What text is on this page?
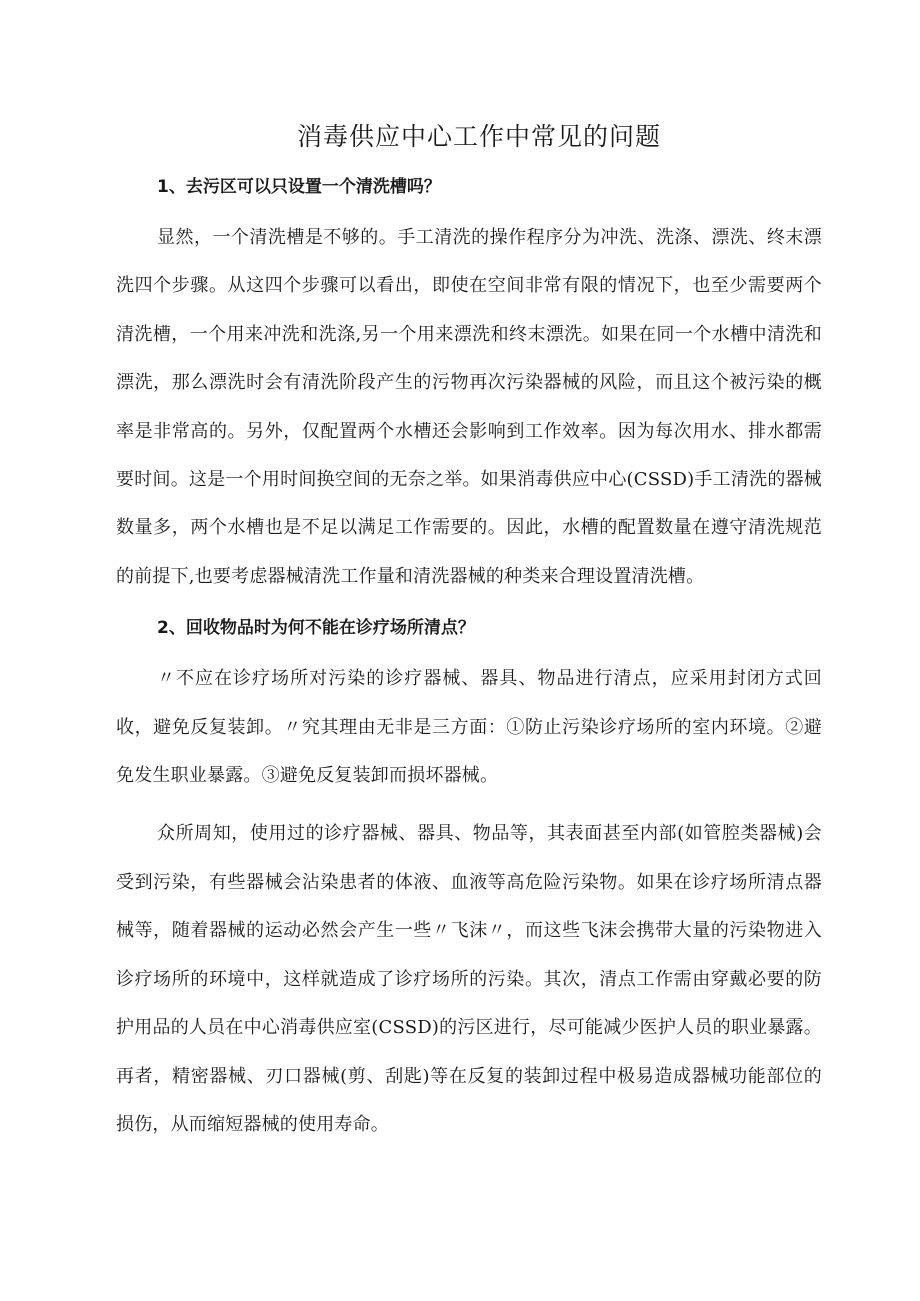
消毒供应中心工作中常见的问题
1、去污区可以只设置一个清洗槽吗？

显然，一个清洗槽是不够的。手工清洗的操作程序分为冲洗、洗涤、漂洗、终末漂洗四个步骤。从这四个步骤可以看出，即使在空间非常有限的情况下，也至少需要两个清洗槽，一个用来冲洗和洗涤,另一个用来漂洗和终末漂洗。如果在同一个水槽中清洗和漂洗，那么漂洗时会有清洗阶段产生的污物再次污染器械的风险，而且这个被污染的概率是非常高的。另外，仅配置两个水槽还会影响到工作效率。因为每次用水、排水都需要时间。这是一个用时间换空间的无奈之举。如果消毒供应中心(CSSD)手工清洗的器械数量多，两个水槽也是不足以满足工作需要的。因此，水槽的配置数量在遵守清洗规范的前提下,也要考虑器械清洗工作量和清洗器械的种类来合理设置清洗槽。

2、回收物品时为何不能在诊疗场所清点？

〃不应在诊疗场所对污染的诊疗器械、器具、物品进行清点，应采用封闭方式回收，避免反复装卸。〃究其理由无非是三方面：①防止污染诊疗场所的室内环境。②避免发生职业暴露。③避免反复装卸而损坏器械。

众所周知，使用过的诊疗器械、器具、物品等，其表面甚至内部(如管腔类器械)会受到污染，有些器械会沾染患者的体液、血液等高危险污染物。如果在诊疗场所清点器械等，随着器械的运动必然会产生一些〃飞沫〃，而这些飞沫会携带大量的污染物进入诊疗场所的环境中，这样就造成了诊疗场所的污染。其次，清点工作需由穿戴必要的防护用品的人员在中心消毒供应室(CSSD)的污区进行，尽可能减少医护人员的职业暴露。再者，精密器械、刃口器械(剪、刮匙)等在反复的装卸过程中极易造成器械功能部位的损伤，从而缩短器械的使用寿命。
